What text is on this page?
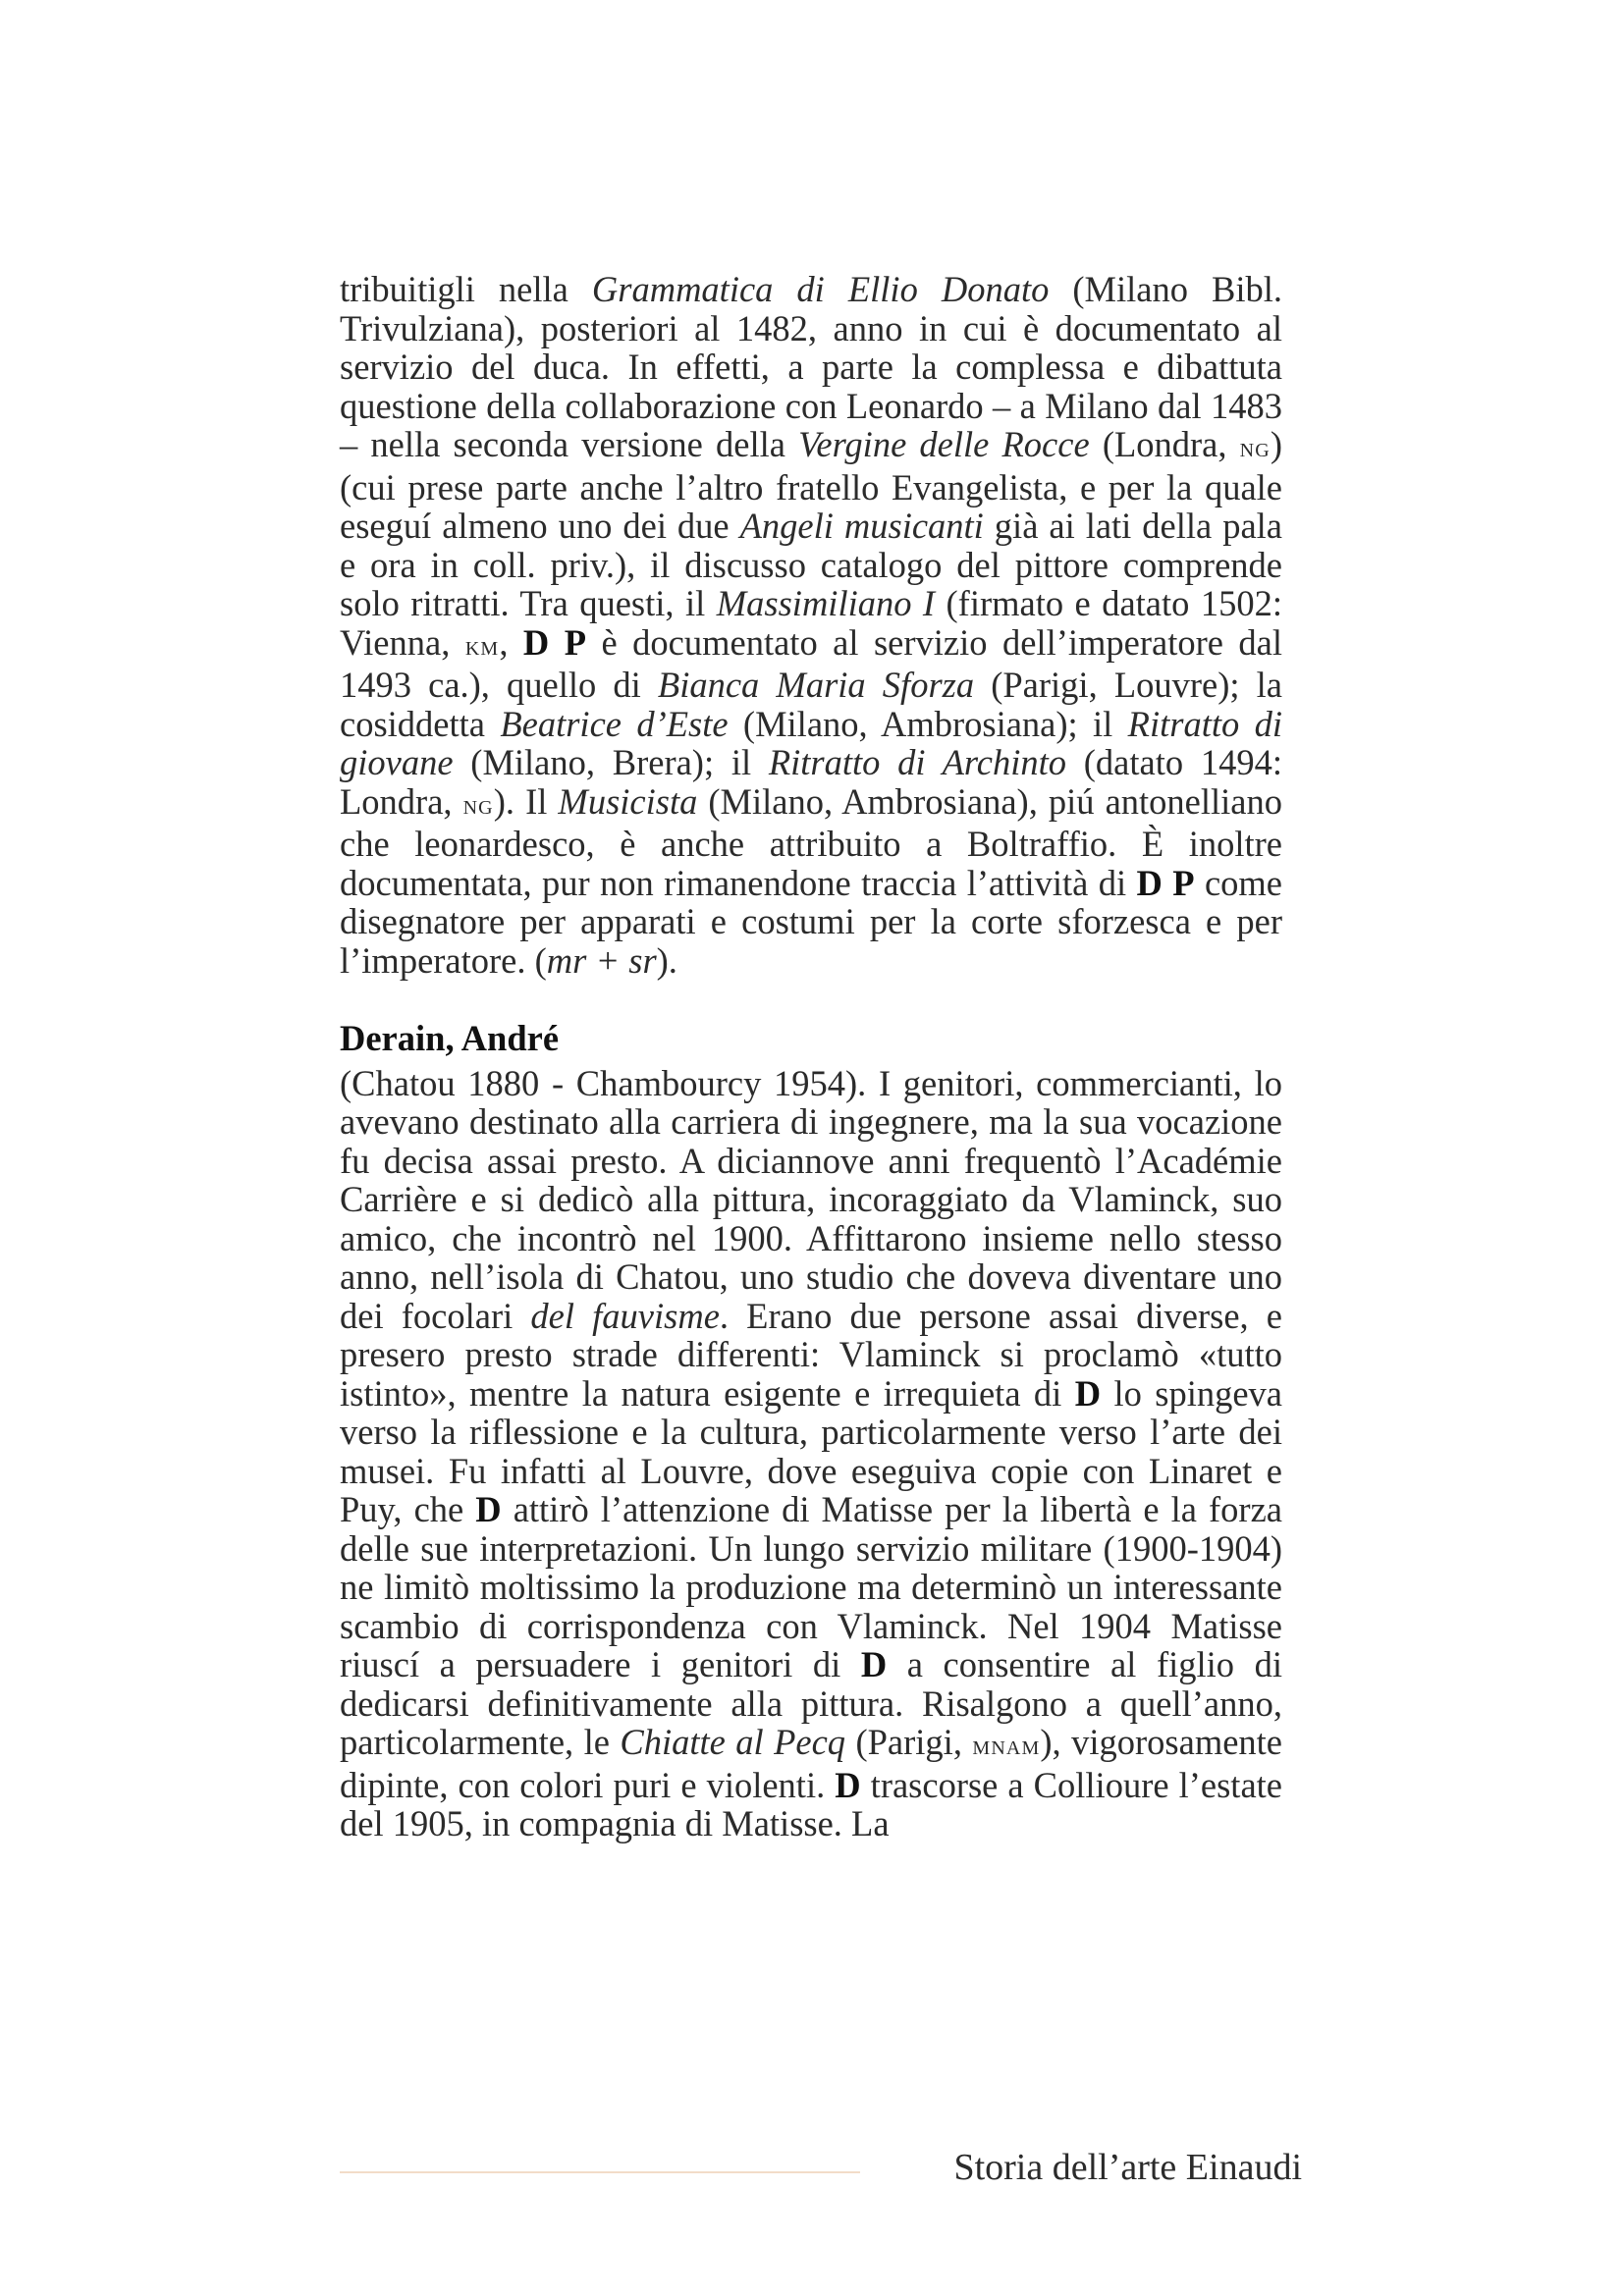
tribuitigli nella Grammatica di Ellio Donato (Milano Bibl. Trivulziana), posteriori al 1482, anno in cui è documentato al servizio del duca. In effetti, a parte la complessa e dibattuta questione della collaborazione con Leonardo – a Milano dal 1483 – nella seconda versione della Vergine delle Rocce (Londra, ng) (cui prese parte anche l’altro fratello Evangelista, e per la quale eseguí almeno uno dei due Angeli musicanti già ai lati della pala e ora in coll. priv.), il discusso catalogo del pittore comprende solo ritratti. Tra questi, il Massimiliano I (firmato e datato 1502: Vienna, km, D P è documentato al servizio dell’imperatore dal 1493 ca.), quello di Bianca Maria Sforza (Parigi, Louvre); la cosiddetta Beatrice d’Este (Milano, Ambrosiana); il Ritratto di giovane (Milano, Brera); il Ritratto di Archinto (datato 1494: Londra, ng). Il Musicista (Milano, Ambrosiana), piú antonelliano che leonardesco, è anche attribuito a Boltraffio. È inoltre documentata, pur non rimanendone traccia l’attività di D P come disegnatore per apparati e costumi per la corte sforzesca e per l’imperatore. (mr + sr).

Derain, André

(Chatou 1880 - Chambourcy 1954). I genitori, commercianti, lo avevano destinato alla carriera di ingegnere, ma la sua vocazione fu decisa assai presto. A diciannove anni frequentò l’Académie Carrière e si dedicò alla pittura, incoraggiato da Vlaminck, suo amico, che incontrò nel 1900. Affittarono insieme nello stesso anno, nell’isola di Chatou, uno studio che doveva diventare uno dei focolari del fauvisme. Erano due persone assai diverse, e presero presto strade differenti: Vlaminck si proclamò «tutto istinto», mentre la natura esigente e irrequieta di D lo spingeva verso la riflessione e la cultura, particolarmente verso l’arte dei musei. Fu infatti al Louvre, dove eseguiva copie con Linaret e Puy, che D attirò l’attenzione di Matisse per la libertà e la forza delle sue interpretazioni. Un lungo servizio militare (1900-1904) ne limitò moltissimo la produzione ma determinò un interessante scambio di corrispondenza con Vlaminck. Nel 1904 Matisse riuscí a persuadere i genitori di D a consentire al figlio di dedicarsi definitivamente alla pittura. Risalgono a quell’anno, particolarmente, le Chiatte al Pecq (Parigi, mnam), vigorosamente dipinte, con colori puri e violenti. D trascorse a Collioure l’estate del 1905, in compagnia di Matisse. La

Storia dell’arte Einaudi
